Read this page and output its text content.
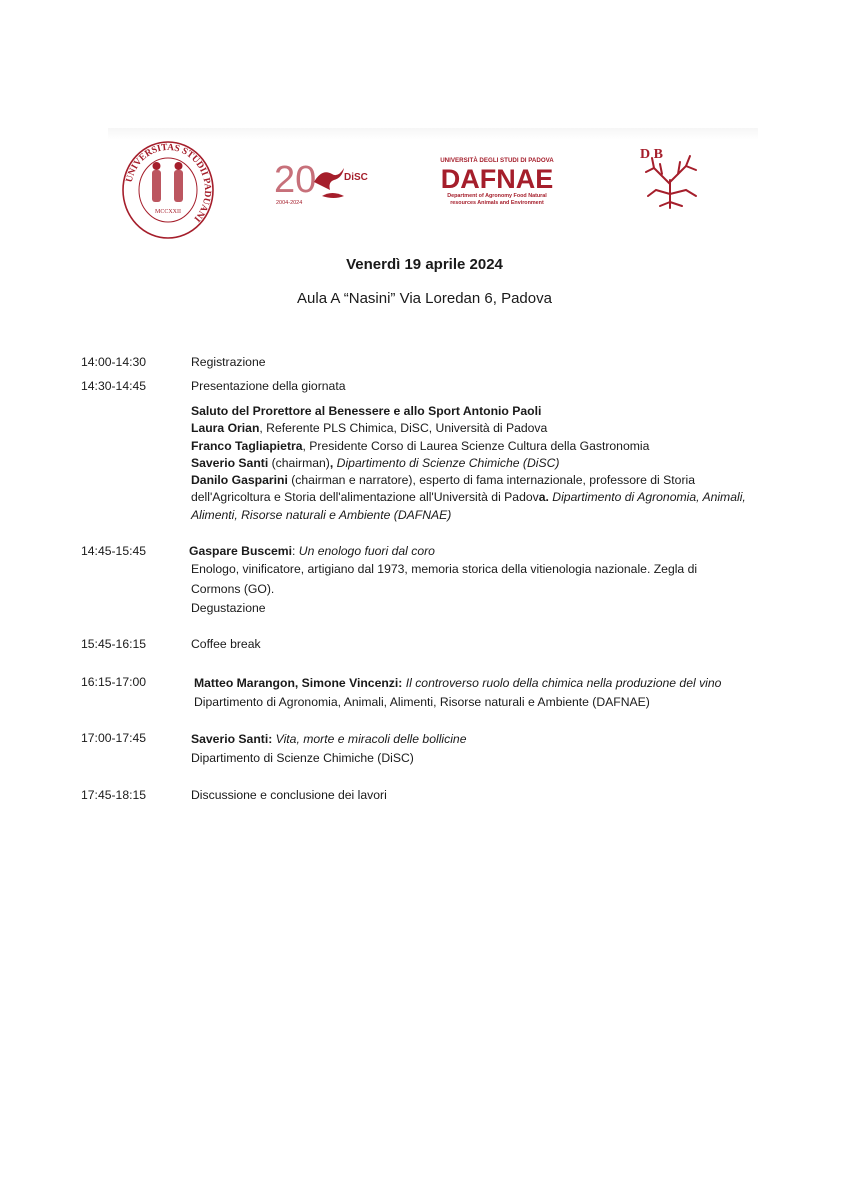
UNIVERSITAS STUDII PADUANI
MCCXXII
20	DiSC
2004-2024
UNIVERSITÀ DEGLI STUDI DI PADOVA
DAFNAE
Department of Agronomy Food Natural
resources Animals and Environment
D B
Venerdì 19 aprile 2024
Aula A “Nasini” Via Loredan 6, Padova
14:00-14:30	Registrazione
14:30-14:45	Presentazione della giornata

Saluto del Prorettore al Benessere e allo Sport Antonio Paoli

Laura Orian, Referente PLS Chimica, DiSC, Università di Padova

Franco Tagliapietra, Presidente Corso di Laurea Scienze Cultura della Gastronomia

Saverio Santi (chairman), Dipartimento di Scienze Chimiche (DiSC)

Danilo Gasparini (chairman e narratore), esperto di fama internazionale, professore di Storia
dell'Agricoltura e Storia dell'alimentazione all'Università di Padova. Dipartimento di Agronomia, Animali,
Alimenti, Risorse naturali e Ambiente (DAFNAE)

14:45-15:45	Gaspare Buscemi: Un enologo fuori dal coro

Enologo, vinificatore, artigiano dal 1973, memoria storica della vitienologia nazionale. Zegla di
Cormons (GO).

Degustazione

15:45-16:15	Coffee break
16:15-17:00	Matteo Marangon, Simone Vincenzi: Il controverso ruolo della chimica nella produzione del vino

Dipartimento di Agronomia, Animali, Alimenti, Risorse naturali e Ambiente (DAFNAE)

17:00-17:45	Saverio Santi: Vita, morte e miracoli delle bollicine

Dipartimento di Scienze Chimiche (DiSC)

17:45-18:15	Discussione e conclusione dei lavori
